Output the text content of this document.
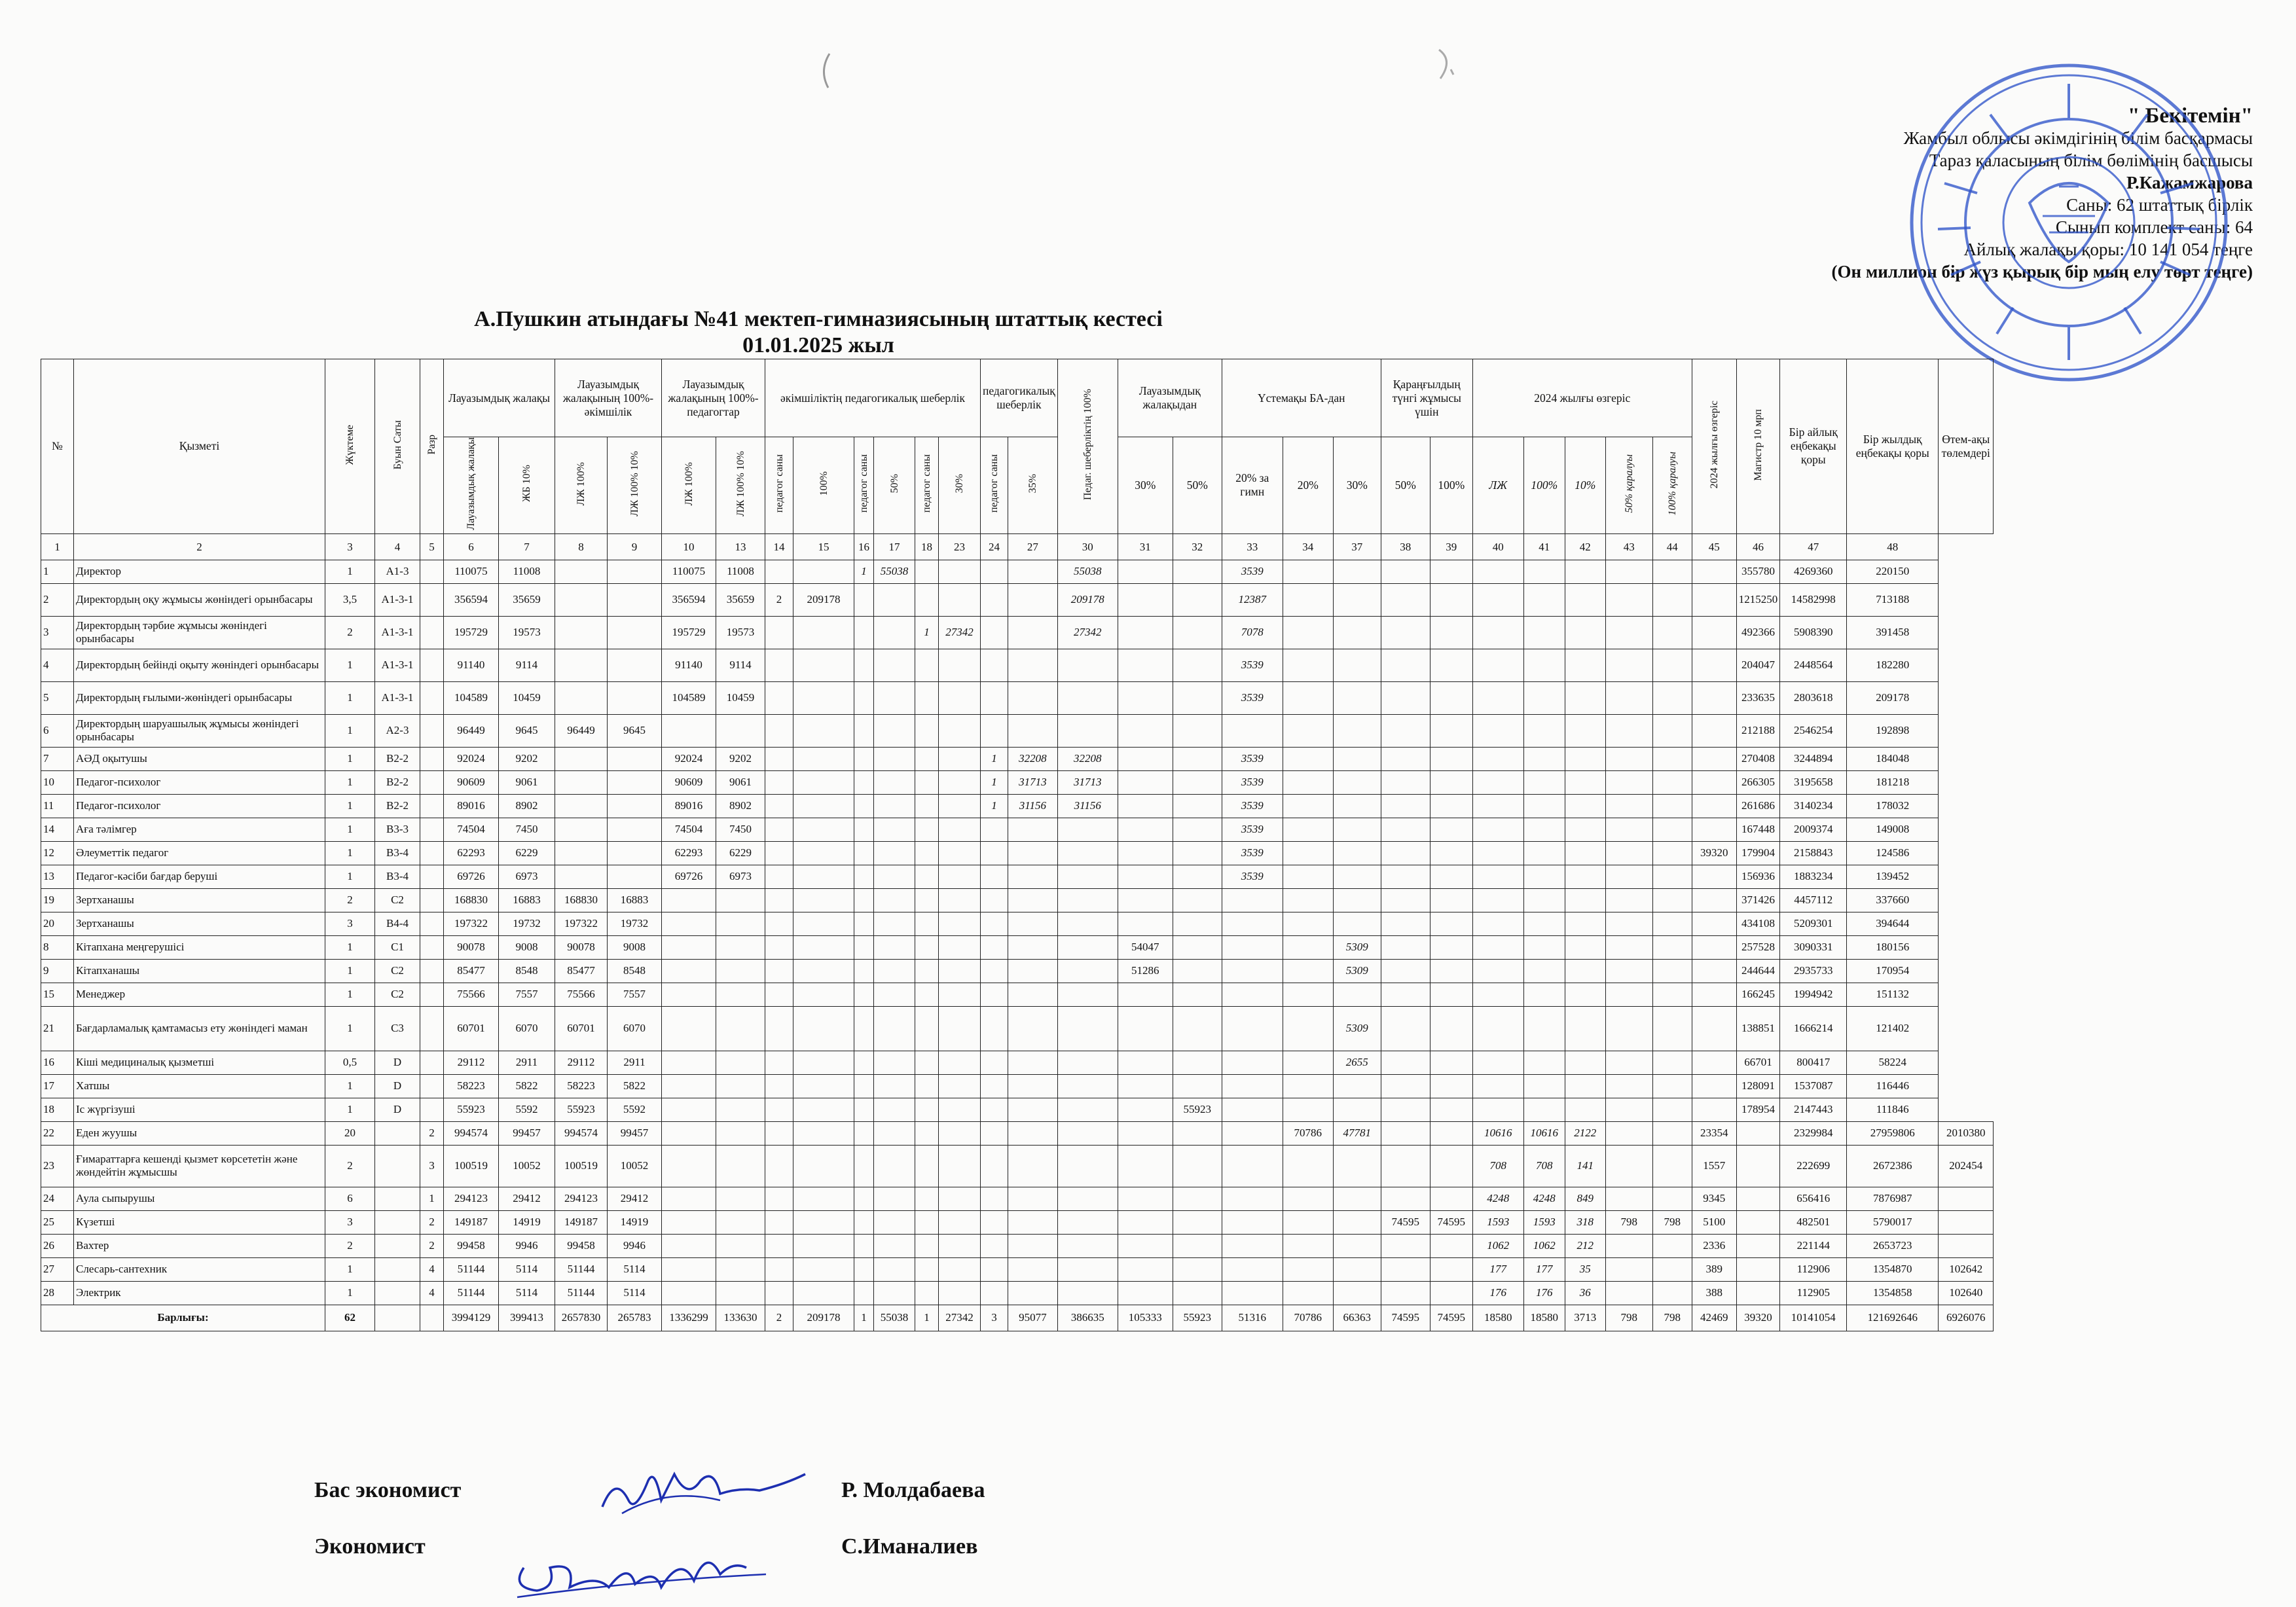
" Бекітемін"
Жамбыл облысы әкімдігінің білім басқармасы
Тараз қаласының білім бөлімінің басшысы
Р.Кажамжарова
Саны: 62 штаттық бірлік
Сынып комплект саны: 64
Айлық жалақы қоры: 10 141 054 теңге
(Он миллион бір жүз қырық бір мың елу төрт теңге)
А.Пушкин атындағы №41 мектеп-гимназиясының штаттық кестесі
01.01.2025 жыл
№	Қызметі	Жүктеме	Буын Саты	Разр	Лауазымдық жалақы		Лауазымдық жалақының 100%-әкімшілік		Лауазымдық жалақының 100%-педагогтар		әкімшіліктің педагогикалық шеберлік						педагогикалық шеберлік		Педаг. шеберліктің 100%	Лауазымдық жалақыдан		Үстемақы БА-дан			Қараңғылдың түнгі жұмысы үшін		2024 жылғы өзгеріс					2024 жылғы өзгеріс	Магистр 10 мрп	Бір айлық еңбекақы қоры	Бір жылдық еңбекақы қоры	Өтем-ақы төлемдері
					Лауазымдық жалақы	ЖБ 10%	ЛЖ 100%	ЛЖ 100% 10%	ЛЖ 100%	ЛЖ 100% 10%	педагог саны	100%	педагог саны	50%	педагог саны	30%	педагог саны	35%		30%	50%	20% за гимн	20%	30%	50%	100%	ЛЖ	100%	10%	50% қаралуы	100% қаралуы					
1	2	3	4	5	6	7	8	9	10	13	14	15	16	17	18	23	24	27	30	31	32	33	34	37	38	39	40	41	42	43	44	45	46	47	48	
1	Директор	1	А1-3		110075	11008			110075	11008			1	55038					55038			3539											355780	4269360	220150	
2	Директордың оқу жұмысы жөніндегі орынбасары	3,5	А1-3-1		356594	35659			356594	35659	2	209178							209178			12387											1215250	14582998	713188	
3	Директордың тәрбие жұмысы жөніндегі орынбасары	2	А1-3-1		195729	19573			195729	19573					1	27342			27342			7078											492366	5908390	391458	
4	Директордың бейінді оқыту жөніндегі орынбасары	1	А1-3-1		91140	9114			91140	9114												3539											204047	2448564	182280	
5	Директордың ғылыми-жөніндегі орынбасары	1	А1-3-1		104589	10459			104589	10459												3539											233635	2803618	209178	
6	Директордың шаруашылық жұмысы жөніндегі орынбасары	1	А2-3		96449	9645	96449	9645																									212188	2546254	192898	
7	АӘД оқытушы	1	В2-2		92024	9202			92024	9202							1	32208	32208			3539											270408	3244894	184048	
10	Педагог-психолог	1	В2-2		90609	9061			90609	9061							1	31713	31713			3539											266305	3195658	181218	
11	Педагог-психолог	1	В2-2		89016	8902			89016	8902							1	31156	31156			3539											261686	3140234	178032	
14	Аға тәлімгер	1	В3-3		74504	7450			74504	7450												3539											167448	2009374	149008	
12	Әлеуметтік педагог	1	В3-4		62293	6229			62293	6229												3539										39320	179904	2158843	124586	
13	Педагог-кәсіби бағдар беруші	1	В3-4		69726	6973			69726	6973												3539											156936	1883234	139452	
19	Зертханашы	2	С2		168830	16883	168830	16883																									371426	4457112	337660	
20	Зертханашы	3	В4-4		197322	19732	197322	19732																									434108	5209301	394644	
8	Кітапхана меңгерушісі	1	С1		90078	9008	90078	9008												54047				5309									257528	3090331	180156	
9	Кітапханашы	1	С2		85477	8548	85477	8548												51286				5309									244644	2935733	170954	
15	Менеджер	1	С2		75566	7557	75566	7557																									166245	1994942	151132	
21	Бағдарламалық қамтамасыз ету жөніндегі маман	1	С3		60701	6070	60701	6070																5309									138851	1666214	121402	
16	Кіші медициналық қызметші	0,5	D		29112	2911	29112	2911																2655									66701	800417	58224	
17	Хатшы	1	D		58223	5822	58223	5822																									128091	1537087	116446	
18	Іс жүргізуші	1	D		55923	5592	55923	5592													55923												178954	2147443	111846	
22	Еден жуушы	20		2	994574	99457	994574	99457															70786	47781			10616	10616	2122			23354		2329984	27959806	2010380
23	Ғимараттарға кешенді қызмет көрсететін және жөндейтін жұмысшы	2		3	100519	10052	100519	10052																			708	708	141			1557		222699	2672386	202454
24	Аула сыпырушы	6		1	294123	29412	294123	29412																			4248	4248	849			9345		656416	7876987	
25	Күзетші	3		2	149187	14919	149187	14919																	74595	74595	1593	1593	318	798	798	5100		482501	5790017	
26	Вахтер	2		2	99458	9946	99458	9946																			1062	1062	212			2336		221144	2653723	
27	Слесарь-сантехник	1		4	51144	5114	51144	5114																			177	177	35			389		112906	1354870	102642
28	Электрик	1		4	51144	5114	51144	5114																			176	176	36			388		112905	1354858	102640
Барлығы:		62			3994129	399413	2657830	265783	1336299	133630	2	209178	1	55038	1	27342	3	95077	386635	105333	55923	51316	70786	66363	74595	74595	18580	18580	3713	798	798	42469	39320	10141054	121692646	6926076
Бас экономист	Р. Молдабаева
Экономист	С.Иманалиев
